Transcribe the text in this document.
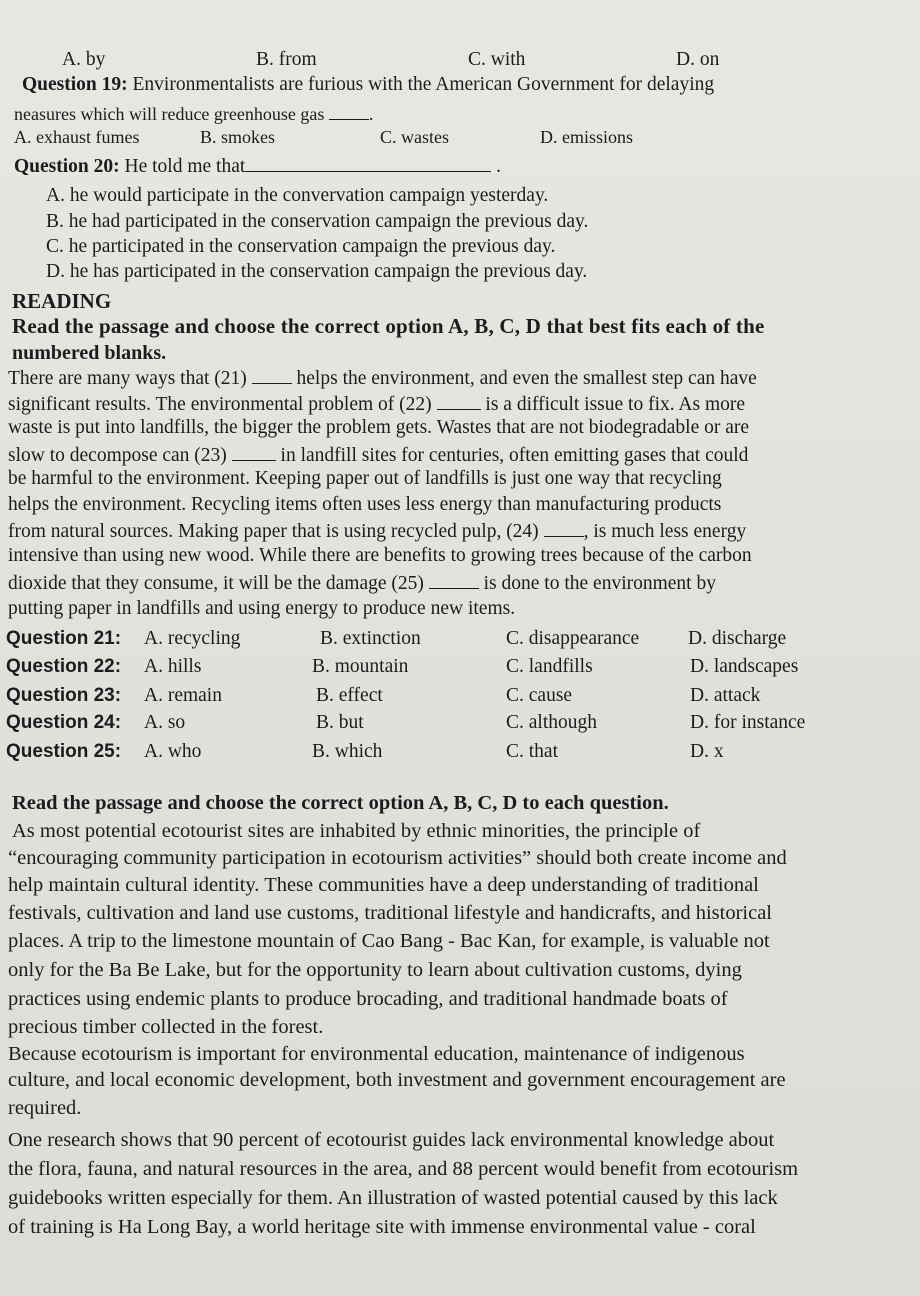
A. by	B. from	C. with	D. on
Question 19: Environmentalists are furious with the American Government for delaying
neasures which will reduce greenhouse gas .
A. exhaust fumes	B. smokes	C. wastes	D. emissions
Question 20: He told me that	.
A. he would participate in the convervation campaign yesterday.
B. he had participated in the conservation campaign the previous day.
C. he participated in the conservation campaign the previous day.
D. he has participated in the conservation campaign the previous day.
READING
Read the passage and choose the correct option A, B, C, D that best fits each of the
numbered blanks.
There are many ways that (21)	helps the environment, and even the smallest step can have
significant results. The environmental problem of (22)	is a difficult issue to fix. As more
waste is put into landfills, the bigger the problem gets. Wastes that are not biodegradable or are
slow to decompose can (23)	in landfill sites for centuries, often emitting gases that could
be harmful to the environment. Keeping paper out of landfills is just one way that recycling
helps the environment. Recycling items often uses less energy than manufacturing products
from natural sources. Making paper that is using recycled pulp, (24) , is much less energy
intensive than using new wood. While there are benefits to growing trees because of the carbon
dioxide that they consume, it will be the damage (25)	is done to the environment by
putting paper in landfills and using energy to produce new items.
Question 21: A. recycling	B. extinction	C. disappearance	D. discharge
Question 22: A. hills	B. mountain	C. landfills	D. landscapes
Question 23: A. remain	B. effect	C. cause	D. attack
Question 24: A. so	B. but	C. although	D. for instance
Question 25: A. who	B. which	C. that	D. x
Read the passage and choose the correct option A, B, C, D to each question.
As most potential ecotourist sites are inhabited by ethnic minorities, the principle of
“encouraging community participation in ecotourism activities” should both create income and
help maintain cultural identity. These communities have a deep understanding of traditional
festivals, cultivation and land use customs, traditional lifestyle and handicrafts, and historical
places. A trip to the limestone mountain of Cao Bang - Bac Kan, for example, is valuable not
only for the Ba Be Lake, but for the opportunity to learn about cultivation customs, dying
practices using endemic plants to produce brocading, and traditional handmade boats of
precious timber collected in the forest.
Because ecotourism is important for environmental education, maintenance of indigenous
culture, and local economic development, both investment and government encouragement are
required.
One research shows that 90 percent of ecotourist guides lack environmental knowledge about
the flora, fauna, and natural resources in the area, and 88 percent would benefit from ecotourism
guidebooks written especially for them. An illustration of wasted potential caused by this lack
of training is Ha Long Bay, a world heritage site with immense environmental value - coral
